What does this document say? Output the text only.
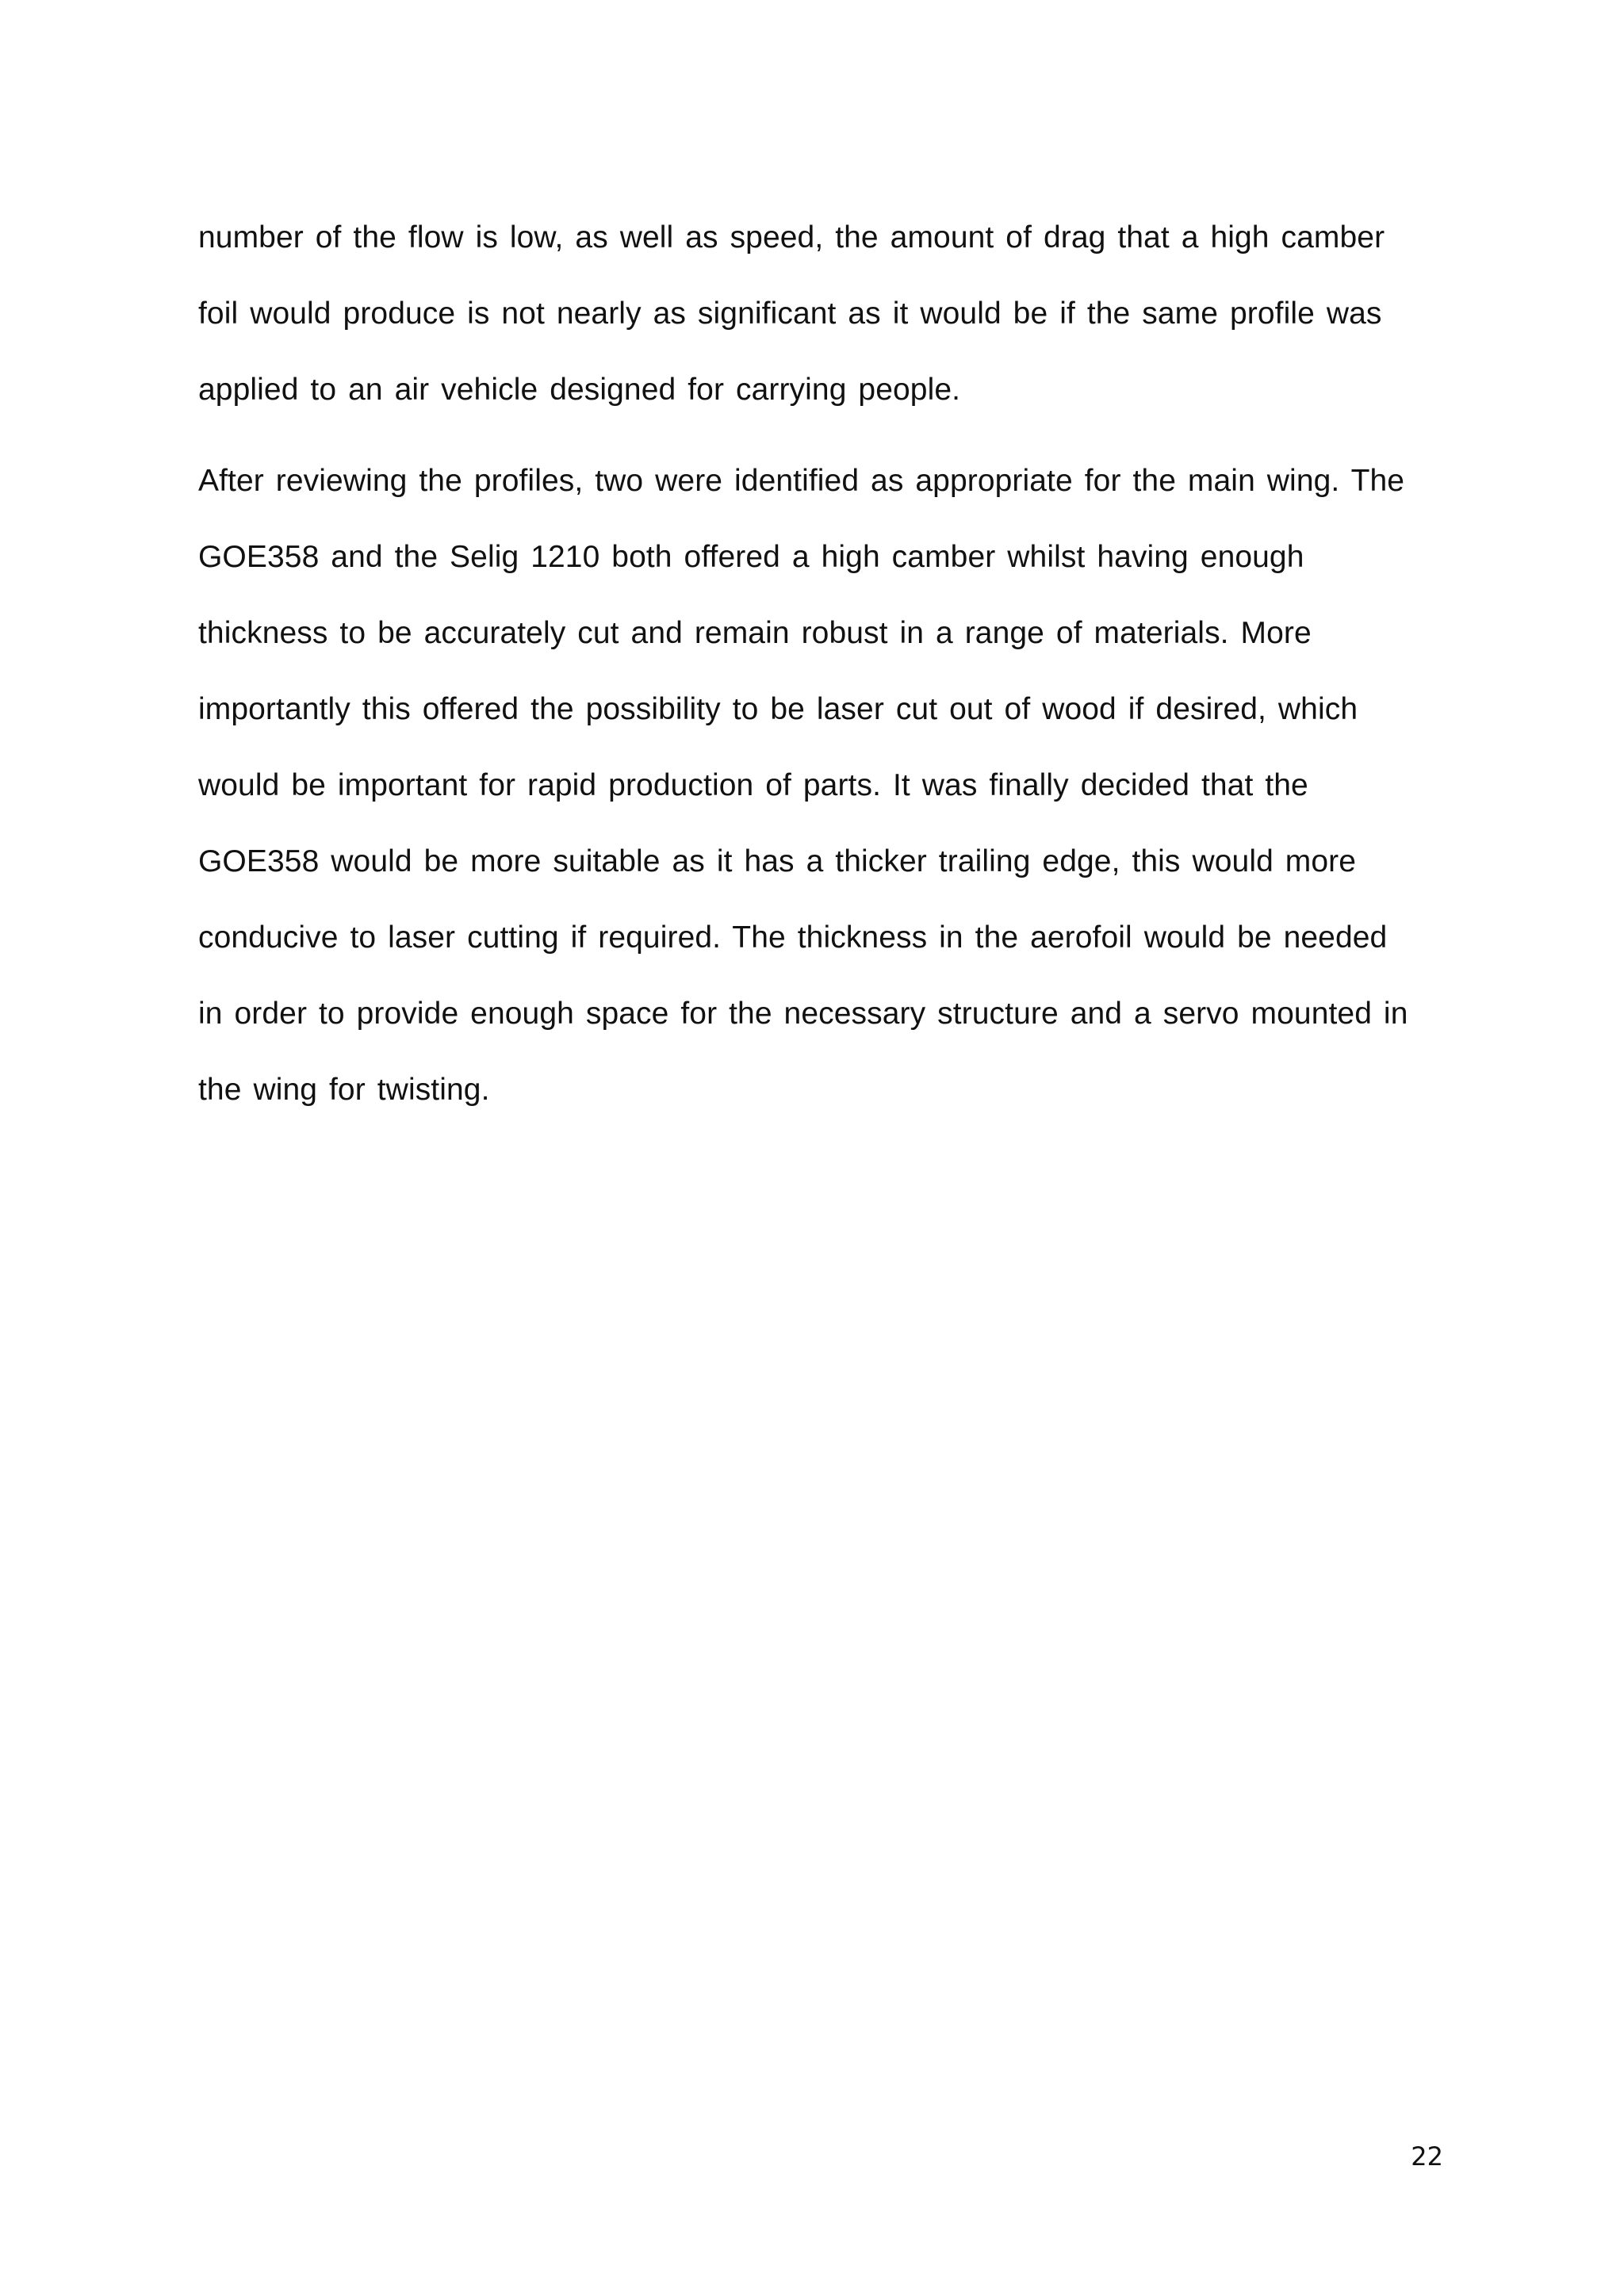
number of the flow is low, as well as speed, the amount of drag that a high camber
foil would produce is not nearly as significant as it would be if the same profile was
applied to an air vehicle designed for carrying people.
After reviewing the profiles, two were identified as appropriate for the main wing. The
GOE358 and the Selig 1210 both offered a high camber whilst having enough
thickness to be accurately cut and remain robust in a range of materials. More
importantly this offered the possibility to be laser cut out of wood if desired, which
would be important for rapid production of parts. It was finally decided that the
GOE358 would be more suitable as it has a thicker trailing edge, this would more
conducive to laser cutting if required. The thickness in the aerofoil would be needed
in order to provide enough space for the necessary structure and a servo mounted in
the wing for twisting.
22
